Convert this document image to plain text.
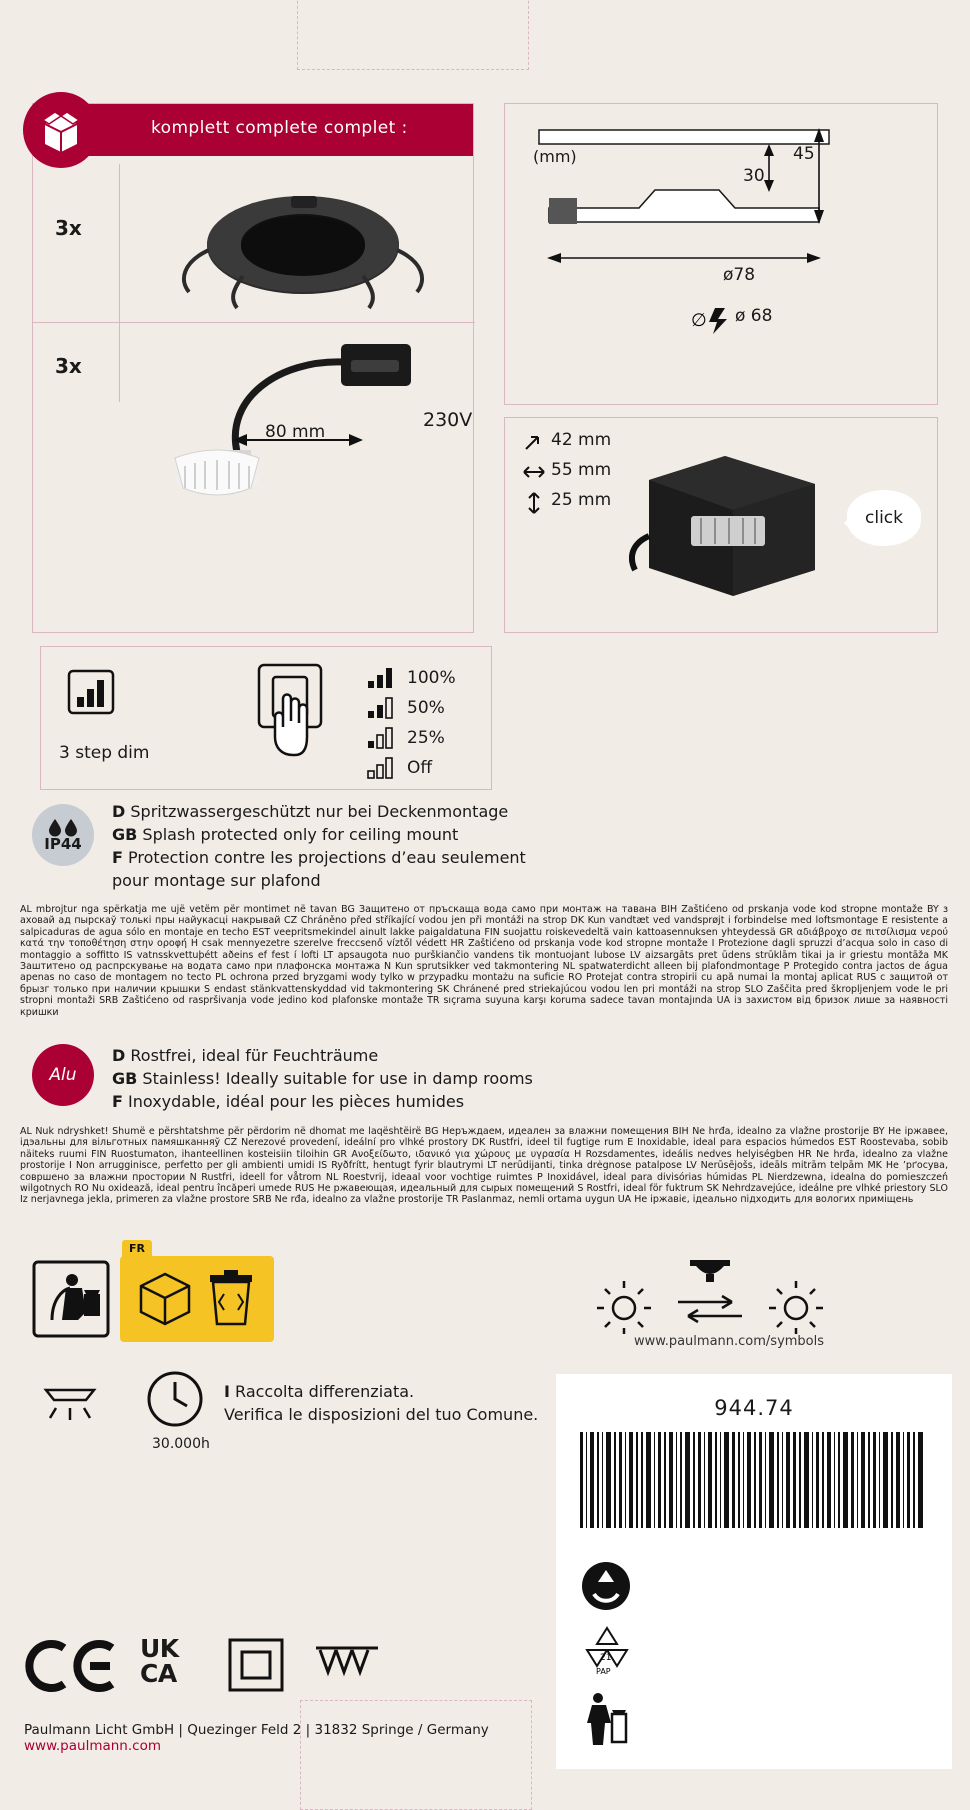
komplett complete complet :
3x
3x
80 mm
230V
(mm)
30
45
ø78
∅ ø 68
42 mm
55 mm
25 mm
click
3 step dim
100%
50%
25%
Off
IP44
D Spritzwassergeschützt nur bei Deckenmontage
GB Splash protected only for ceiling mount
F Protection contre les projections d’eau seulement
pour montage sur plafond
AL mbrojtur nga spërkatja me ujë vetëm për montimet në tavan BG Защитено от пръскаща вода само при монтаж на тавана BIH Zaštićeno od prskanja vode kod stropne montaže BY з аховай ад пырскаў толькі пры найукасці накрывай CZ Chráněno před stříkající vodou jen při montáži na strop DK Kun vandtæt ved vandsprøjt i forbindelse med loftsmontage E resistente a salpicaduras de agua sólo en montaje en techo EST veepritsmekindel ainult lakke paigaldatuna FIN suojattu roiskevedeltä vain kattoasennuksen yhteydessä GR αδιάβροχο σε πιτσίλισμα νερού κατά την τοποθέτηση στην οροφή H csak mennyezetre szerelve freccsenő víztől védett HR Zaštićeno od prskanja vode kod stropne montaže I Protezione dagli spruzzi d’acqua solo in caso di montaggio a soffitto IS vatnsskvettuþétt aðeins ef fest í lofti LT apsaugota nuo purškiančio vandens tik montuojant lubose LV aizsargāts pret ūdens strūklām tikai ja ir griestu montāža MK Заштитено од распрскување на водата само при плафонска монтажа N Kun sprutsikker ved takmontering NL spatwaterdicht alleen bij plafondmontage P Protegido contra jactos de água apenas no caso de montagem no tecto PL ochrona przed bryzgami wody tylko w przypadku montażu na suficie RO Protejat contra stropirii cu apă numai la montaj aplicat RUS с защитой от брызг только при наличии крышки S endast stänkvattenskyddad vid takmontering SK Chránené pred striekajúcou vodou len pri montáži na strop SLO Zaščita pred škropljenjem vode le pri stropni montaži SRB Zaštićeno od raspršivanja vode jedino kod plafonske montaže TR sıçrama suyuna karşı koruma sadece tavan montajında UA із захистом від бризок лише за наявності кришки
Alu
D Rostfrei, ideal für Feuchträume
GB Stainless! Ideally suitable for use in damp rooms
F Inoxydable, idéal pour les pièces humides
AL Nuk ndryshket! Shumë e përshtatshme për përdorim në dhomat me laqështëirë BG Неръждаем, идеален за влажни помещения BIH Ne hrđa, idealno za vlažne prostorije BY Не іржавее, ідэальны для вільготных памяшканняў CZ Nerezové provedení, ideální pro vlhké prostory DK Rustfri, ideel til fugtige rum E Inoxidable, ideal para espacios húmedos EST Roostevaba, sobib näiteks ruumi FIN Ruostumaton, ihanteellinen kosteisiin tiloihin GR Ανοξείδωτο, ιδανικό για χώρους με υγρασία H Rozsdamentes, ideális nedves helyiségben HR Ne hrđa, idealno za vlažne prostorije I Non arrugginisce, perfetto per gli ambienti umidi IS Ryðfrítt, hentugt fyrir blautrymi LT nerūdijanti, tinka drėgnose patalpose LV Nerūsējošs, ideāls mitrām telpām MK Не ’рґосува, совршено за влажни простории N Rustfri, ideell for våtrom NL Roestvrij, ideaal voor vochtige ruimtes P Inoxidável, ideal para divisórias húmidas PL Nierdzewna, idealna do pomieszczeń wilgotnych RO Nu oxidează, ideal pentru încăperi umede RUS Не ржавеющая, идеальный для сырых помещений S Rostfri, ideal för fuktrum SK Nehrdzavejúce, ideálne pre vlhké priestory SLO Iz nerjavnega jekla, primeren za vlažne prostore SRB Ne rđa, idealno za vlažne prostorije TR Paslanmaz, nemli ortama uygun UA Не іржавіє, ідеально підходить для вологих приміщень
FR
www.paulmann.com/symbols
30.000h
I Raccolta differenziata.
Verifica le disposizioni del tuo Comune.	944.74
21
PAP
UK
CA
Paulmann Licht GmbH | Quezinger Feld 2 | 31832 Springe / Germany
www.paulmann.com
